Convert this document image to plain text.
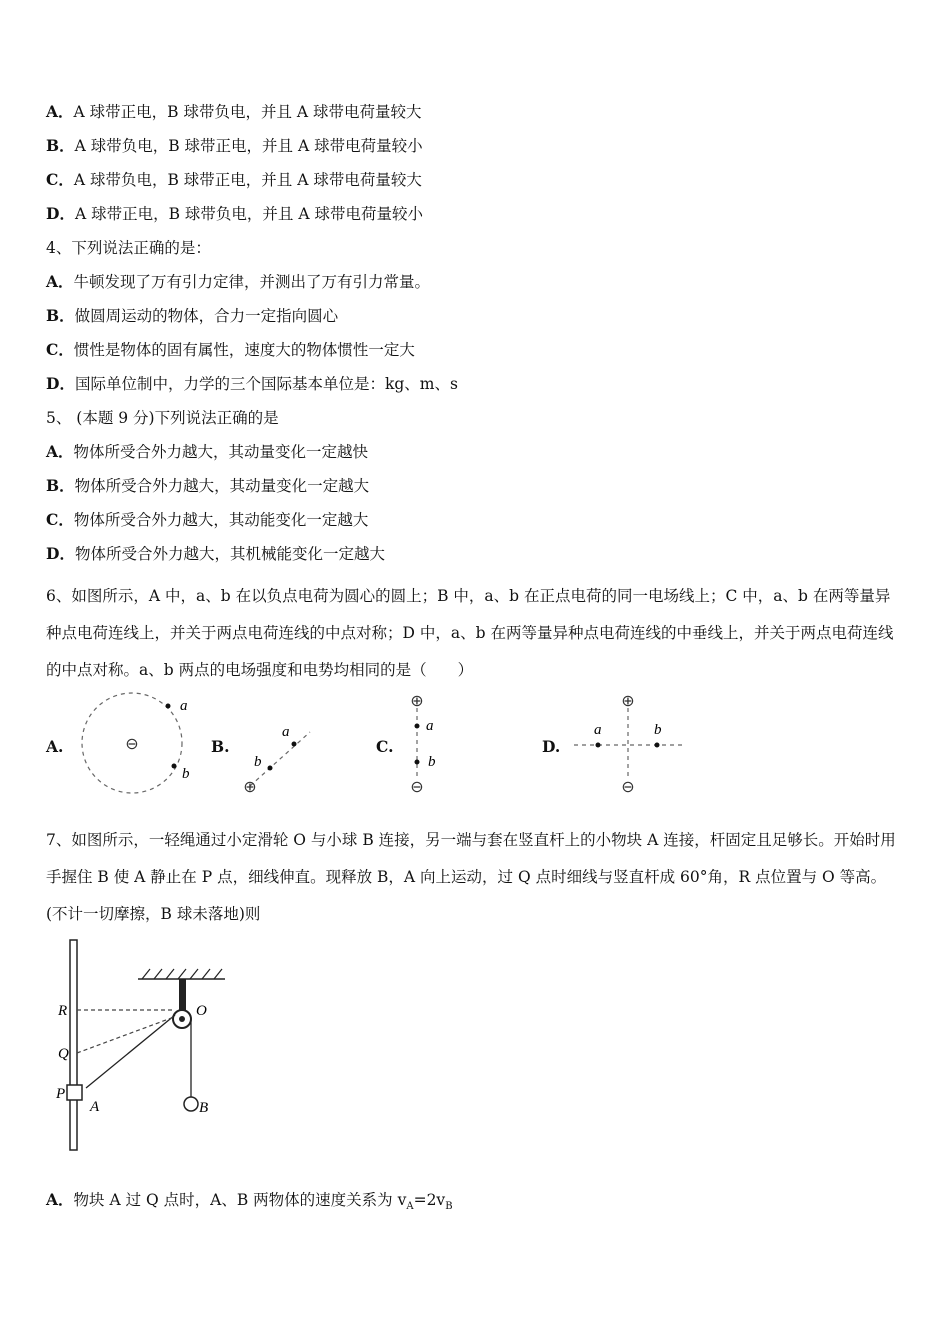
A．A 球带正电，B 球带负电，并且 A 球带电荷量较大
B．A 球带负电，B 球带正电，并且 A 球带电荷量较小
C．A 球带负电，B 球带正电，并且 A 球带电荷量较大
D．A 球带正电，B 球带负电，并且 A 球带电荷量较小
4、下列说法正确的是：
A．牛顿发现了万有引力定律，并测出了万有引力常量。
B．做圆周运动的物体，合力一定指向圆心
C．惯性是物体的固有属性，速度大的物体惯性一定大
D．国际单位制中，力学的三个国际基本单位是：kg、m、s
5、 (本题 9 分)下列说法正确的是
A．物体所受合外力越大，其动量变化一定越快
B．物体所受合外力越大，其动量变化一定越大
C．物体所受合外力越大，其动能变化一定越大
D．物体所受合外力越大，其机械能变化一定越大
6、如图所示，A 中，a、b 在以负点电荷为圆心的圆上；B 中，a、b 在正点电荷的同一电场线上；C 中，a、b 在两等量异种点电荷连线上，并关于两点电荷连线的中点对称；D 中，a、b 在两等量异种点电荷连线的中垂线上，并关于两点电荷连线的中点对称。a、b 两点的电场强度和电势均相同的是（　　）
A.	⊖
a
b
B.
⊕
a
b
C.
⊕
a
b
⊖
D.
⊕
⊖
a	b
7、如图所示，一轻绳通过小定滑轮 O 与小球 B 连接，另一端与套在竖直杆上的小物块 A 连接，杆固定且足够长。开始时用手握住 B 使 A 静止在 P 点，细线伸直。现释放 B，A 向上运动，过 Q 点时细线与竖直杆成 60°角，R 点位置与 O 等高。(不计一切摩擦，B 球未落地)则
R
Q
P
A
O
B
A．物块 A 过 Q 点时，A、B 两物体的速度关系为 $v_A=2v_B$
